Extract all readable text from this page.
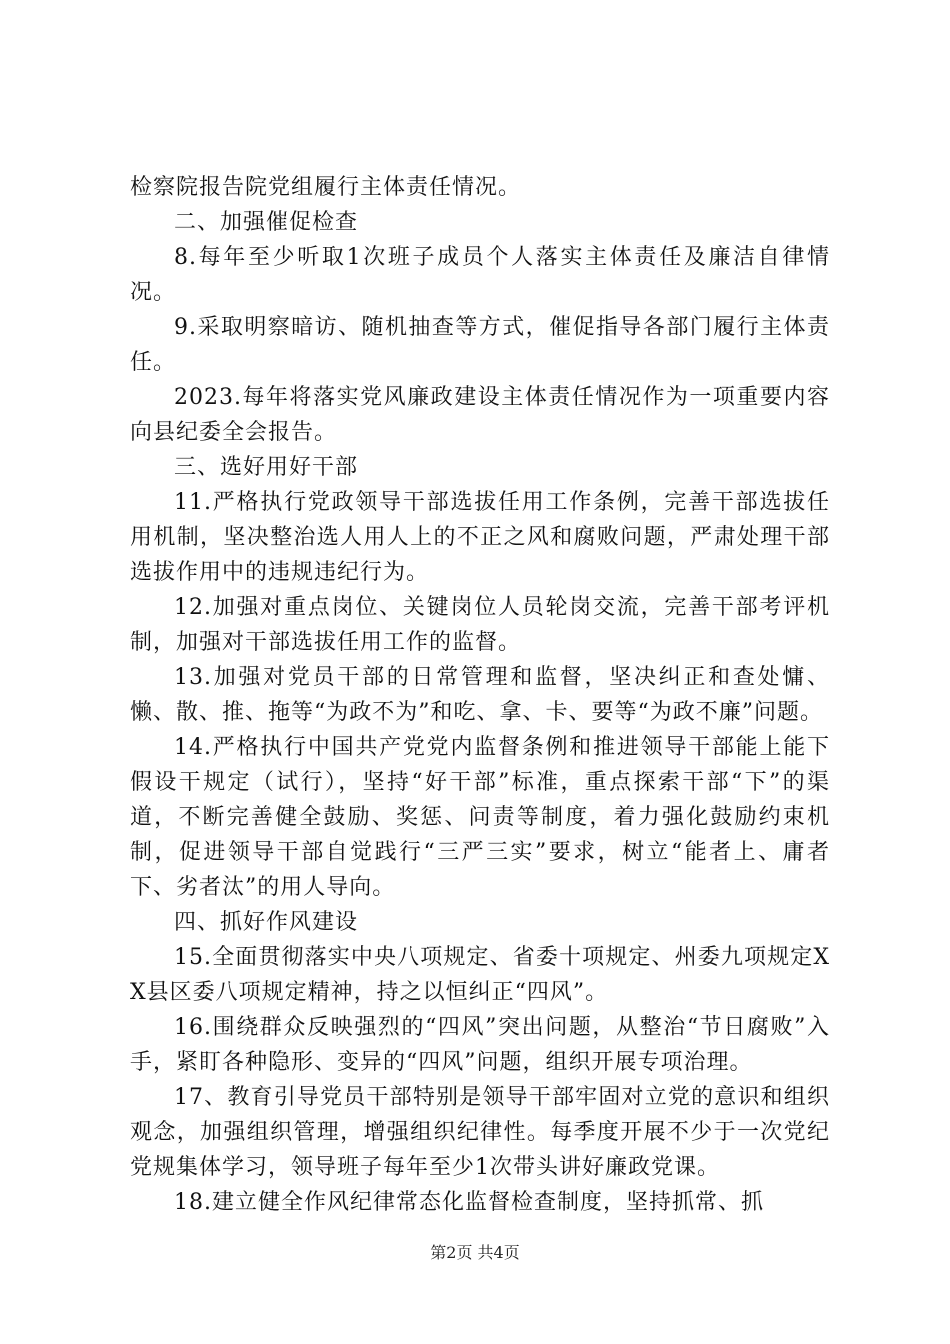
检察院报告院党组履行主体责任情况。

二、加强催促检查

8.每年至少听取1次班子成员个人落实主体责任及廉洁自律情况。

9.采取明察暗访、随机抽查等方式，催促指导各部门履行主体责任。

2023.每年将落实党风廉政建设主体责任情况作为一项重要内容向县纪委全会报告。

三、选好用好干部

11.严格执行党政领导干部选拔任用工作条例，完善干部选拔任用机制，坚决整治选人用人上的不正之风和腐败问题，严肃处理干部选拔作用中的违规违纪行为。

12.加强对重点岗位、关键岗位人员轮岗交流，完善干部考评机制，加强对干部选拔任用工作的监督。

13.加强对党员干部的日常管理和监督，坚决纠正和查处慵、懒、散、推、拖等“为政不为”和吃、拿、卡、要等“为政不廉”问题。

14.严格执行中国共产党党内监督条例和推进领导干部能上能下假设干规定（试行），坚持“好干部”标准，重点探索干部“下”的渠道，不断完善健全鼓励、奖惩、问责等制度，着力强化鼓励约束机制，促进领导干部自觉践行“三严三实”要求，树立“能者上、庸者下、劣者汰”的用人导向。

四、抓好作风建设

15.全面贯彻落实中央八项规定、省委十项规定、州委九项规定XX县区委八项规定精神，持之以恒纠正“四风”。

16.围绕群众反映强烈的“四风”突出问题，从整治“节日腐败”入手，紧盯各种隐形、变异的“四风”问题，组织开展专项治理。

17、教育引导党员干部特别是领导干部牢固对立党的意识和组织观念，加强组织管理，增强组织纪律性。每季度开展不少于一次党纪党规集体学习，领导班子每年至少1次带头讲好廉政党课。

18.建立健全作风纪律常态化监督检查制度，坚持抓常、抓

第2页 共4页
